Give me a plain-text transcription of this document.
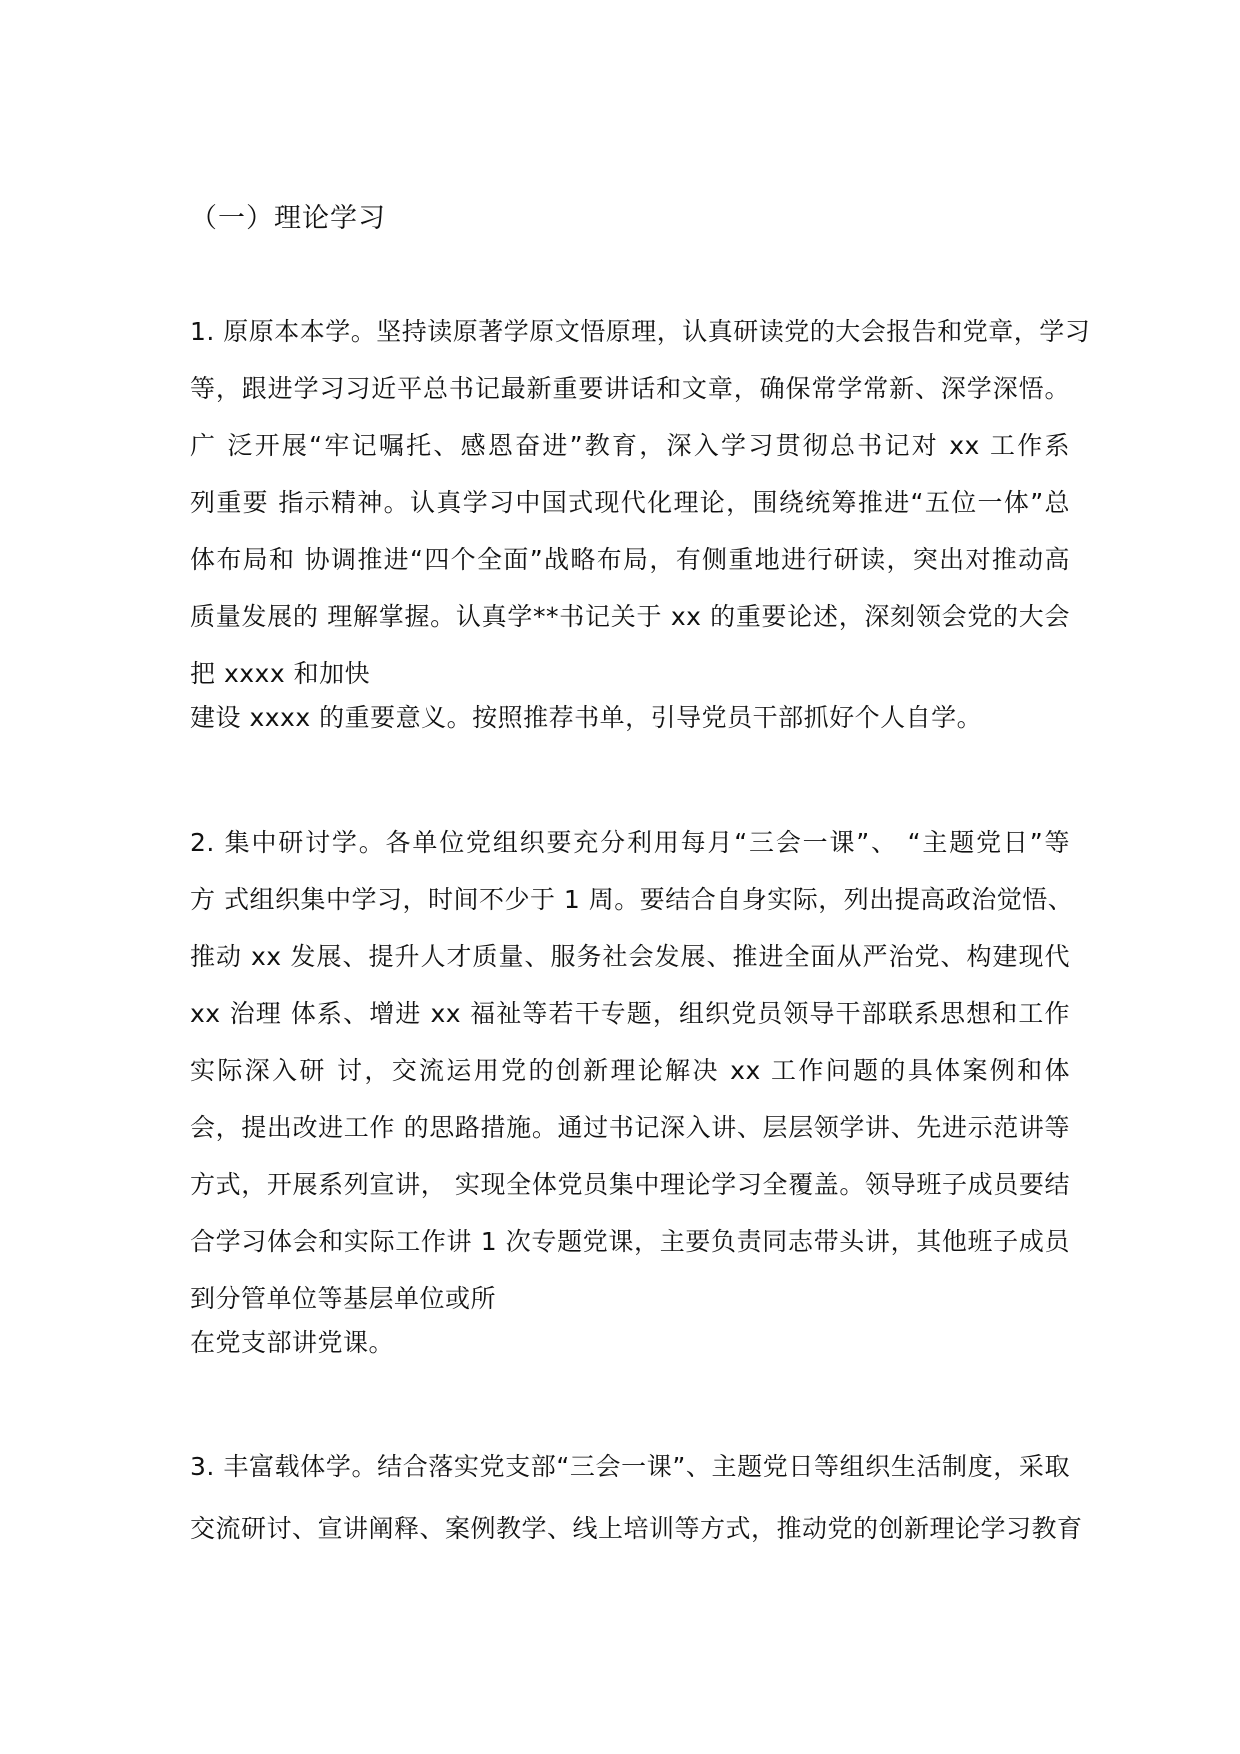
（一）理论学习
1. 原原本本学。坚持读原著学原文悟原理，认真研读党的大会报告和党章，学习
等，跟进学习习近平总书记最新重要讲话和文章，确保常学常新、深学深悟。
广 泛开展“牢记嘱托、感恩奋进”教育，深入学习贯彻总书记对 xx 工作系
列重要 指示精神。认真学习中国式现代化理论，围绕统筹推进“五位一体”总
体布局和 协调推进“四个全面”战略布局，有侧重地进行研读，突出对推动高
质量发展的 理解掌握。认真学**书记关于 xx 的重要论述，深刻领会党的大会
把 xxxx 和加快
建设 xxxx 的重要意义。按照推荐书单，引导党员干部抓好个人自学。
2. 集中研讨学。各单位党组织要充分利用每月“三会一课”、 “主题党日”等
方 式组织集中学习，时间不少于 1 周。要结合自身实际，列出提高政治觉悟、
推动 xx 发展、提升人才质量、服务社会发展、推进全面从严治党、构建现代
xx 治理 体系、增进 xx 福祉等若干专题，组织党员领导干部联系思想和工作
实际深入研 讨，交流运用党的创新理论解决 xx 工作问题的具体案例和体
会，提出改进工作 的思路措施。通过书记深入讲、层层领学讲、先进示范讲等
方式，开展系列宣讲， 实现全体党员集中理论学习全覆盖。领导班子成员要结
合学习体会和实际工作讲 1 次专题党课，主要负责同志带头讲，其他班子成员
到分管单位等基层单位或所
在党支部讲党课。
3. 丰富载体学。结合落实党支部“三会一课”、主题党日等组织生活制度，采取
交流研讨、宣讲阐释、案例教学、线上培训等方式，推动党的创新理论学习教育
